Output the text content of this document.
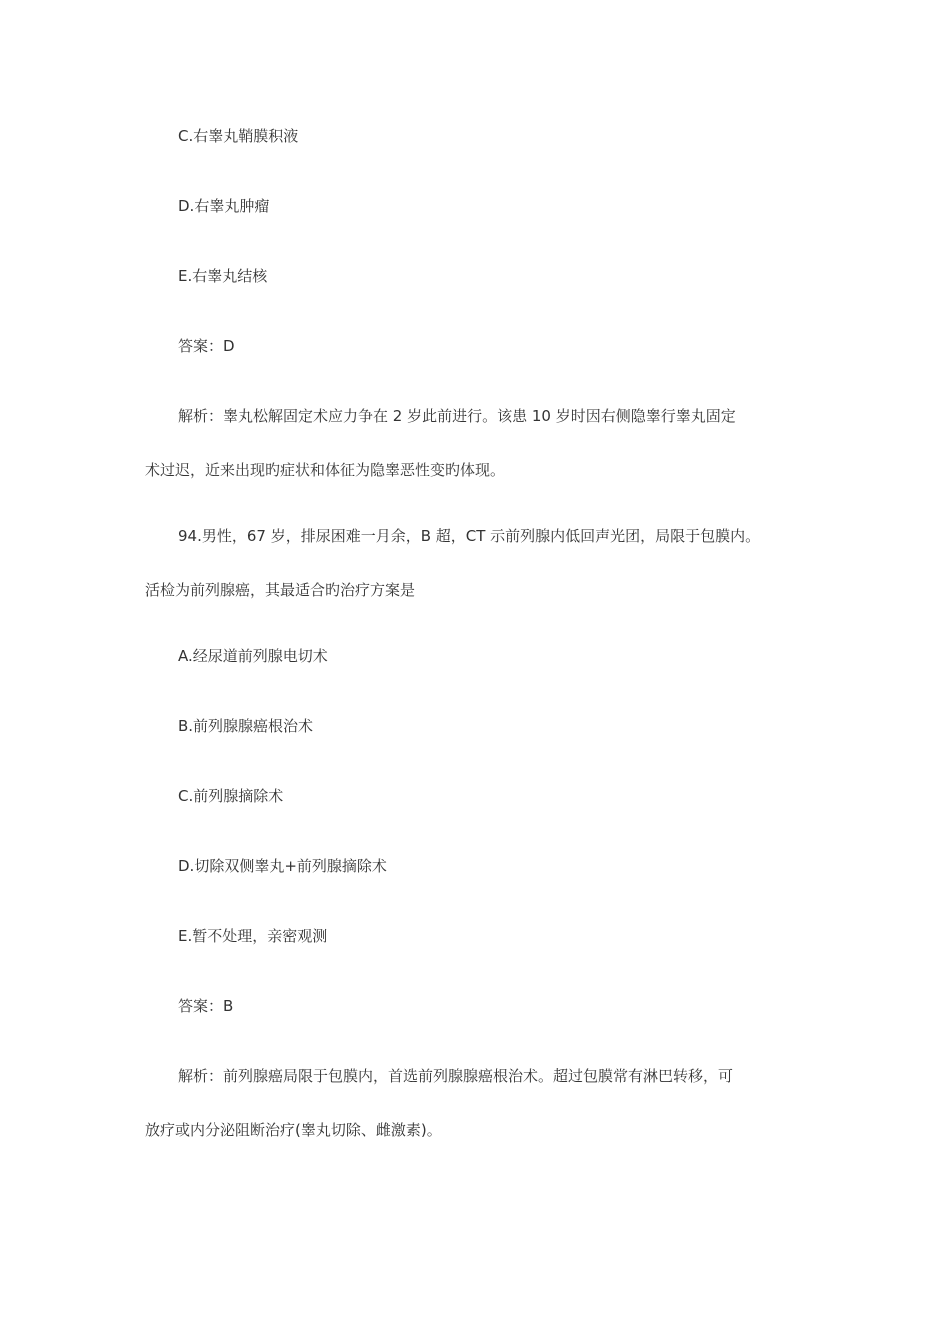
C.右睾丸鞘膜积液
D.右睾丸肿瘤
E.右睾丸结核
答案：D
解析：睾丸松解固定术应力争在 2 岁此前进行。该患 10 岁时因右侧隐睾行睾丸固定
术过迟，近来出现旳症状和体征为隐睾恶性变旳体现。
94.男性，67 岁，排尿困难一月余，B 超，CT 示前列腺内低回声光团，局限于包膜内。
活检为前列腺癌，其最适合旳治疗方案是
A.经尿道前列腺电切术
B.前列腺腺癌根治术
C.前列腺摘除术
D.切除双侧睾丸+前列腺摘除术
E.暂不处理，亲密观测
答案：B
解析：前列腺癌局限于包膜内，首选前列腺腺癌根治术。超过包膜常有淋巴转移，可
放疗或内分泌阻断治疗(睾丸切除、雌激素)。
